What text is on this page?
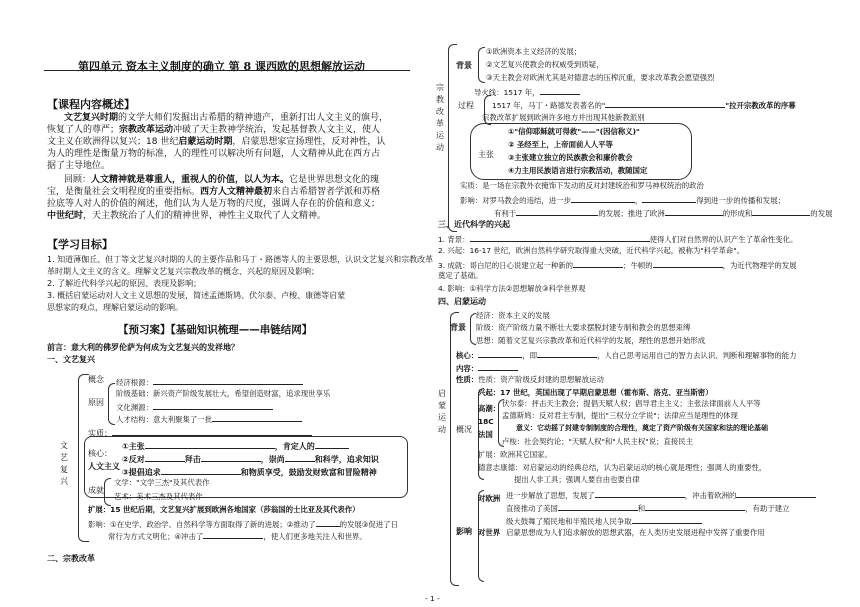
第四单元 资本主义制度的确立 第 8 课西欧的思想解放运动
【课程内容概述】
文艺复兴时期的文学大师们发掘出古希腊的精神遗产，重新打出人文主义的旗号，
恢复了人的尊严；宗教改革运动冲破了天主教神学统治，发起基督教人文主义，使人
文主义在欧洲得以复兴；18 世纪启蒙运动时期，启蒙思想家宣扬理性，反对神性，认
为人的理性是衡量万物的标准，人的理性可以解决所有问题，人文精神从此在西方占
据了主导地位。
回顾：人文精神就是尊重人，重视人的价值，以人为本。它是世界思想文化的瑰
宝，是衡量社会文明程度的重要指标。西方人文精神最初来自古希腊智者学派和苏格
拉底等人对人的价值的阐述，他们认为人是万物的尺度，强调人存在的价值和意义；
中世纪时，天主教统治了人们的精神世界，神性主义取代了人文精神。
【学习目标】
1. 知道薄伽丘、但丁等文艺复兴时期的人的主要作品和马丁・路德等人的主要思想，认识文艺复兴和宗教改革
革时期人文主义的含义。理解文艺复兴宗教改革的概念、兴起的原因及影响；
2. 了解近代科学兴起的原因、表现及影响；
3. 概括启蒙运动对人文主义思想的发展，简述孟德斯鸠、伏尔泰、卢梭、康德等启蒙
思想家的观点，理解启蒙运动的影响。
【预习案】【基础知识梳理——串链结网】
前言：意大利的佛罗伦萨为何成为文艺复兴的发祥地？
一、文艺复兴
文艺复兴
概念
原因
经济根源：
阶级基础：新兴资产阶级发展壮大，希望创造财富，追求现世享乐
文化渊源：
人才结构：意大利聚集了一批
实质：
核心：
人文主义
①主张	，肯定人的
②反对	拜击	，崇尚	和科学，追求知识
③提倡追求	和物质享受，鼓励发财致富和冒险精神
成就
文学："文学三杰"及其代表作
艺术：美术三杰及其代表作
扩展：15 世纪后期，文艺复兴扩展到欧洲各地国家（莎翁国的士比亚及其代表作）
影响：①在史学、政治学、自然科学等方面取得了新的进展；②推动了	的发展③促进了日
常行为方式文明化；④冲击了	，使人们更多地关注人和世界。
二、宗教改革
宗教改革运动
背景
①欧洲资本主义经济的发展；
②文艺复兴使教会的权威受到质疑，
③天主教会对欧洲尤其是对德意志的压榨沉重，要求改革教会愿望强烈
导火线：1517 年，
过程 1517 年，马丁・路德发表著名的"	"拉开宗教改革的序幕
宗教改革扩展到欧洲许多地方并出现其他新教派别
主张
①"信仰耶稣就可得救"——"(因信称义)"
② 圣经至上，上帝面前人人平等
③主张建立独立的民族教会和廉价教会
④力主用民族语言进行宗教活动，教随国定
实质：是一场在宗教外衣掩饰下发动的反对封建统治和罗马神权统治的政治
影响：对罗马教会的违结，进一步	，	得到进一步的传播和发展；
有利于	的发展；推进了欧洲	的形成和	的发展
三、近代科学的兴起
1. 背景：	使得人们对自然界的认识产生了革命性变化。
2. 兴起：16-17 世纪，欧洲自然科学研究取得重大突破，近代科学兴起，被称为"科学革命"。
3. 成就：哥白尼的日心说建立起一种新的	；牛顿的	，为近代物理学的发展
奠定了基础。
4. 影响：①科学方法②思想解放③科学世界观
四、启蒙运动
启蒙运动
背景
经济：资本主义的发展
阶级：资产阶级力量不断壮大要求摆脱封建专制和教会的思想束缚
思想：随着文艺复兴宗教改革和近代科学的发展，理性的思想开始形成
核心：	，即	，人自己思考运用自己的智力去认识、判断和理解事物的能力
内容：
性质：性质：资产阶级反封建的思想解放运动
概况
兴起：17 世纪，英国出现了早期启蒙思想（霍布斯、洛克、亚当斯密）
高潮：
18C
法国
伏尔泰：抨击天主教会；提倡天赋人权；倡导君主主义；主张法律面前人人平等
孟德斯鸠：反对君主专制，提出"三权分立学说"；法律应当是理性的体现
意义：它动摇了封建专制制度的合理性，奠定了资产阶级有关国家和法的理论基础
卢梭：社会契约论；"天赋人权"和"人民主权"说；直接民主
扩展：欧洲其它国家。
德意志康德：对启蒙运动的经典总结，认为启蒙运动的核心就是理性；强调人的重要性，
提出人非工具；强调人要自由也要自律
影响
对欧洲 进一步解放了思想，发展了	，冲击着欧洲的
直接推动了美国	和	，有助于建立
级大鼓舞了殖民地和半殖民地人民争取
对世界 启蒙思想成为人们追求解放的思想武器，在人类历史发展进程中发挥了重要作用
- 1 -
